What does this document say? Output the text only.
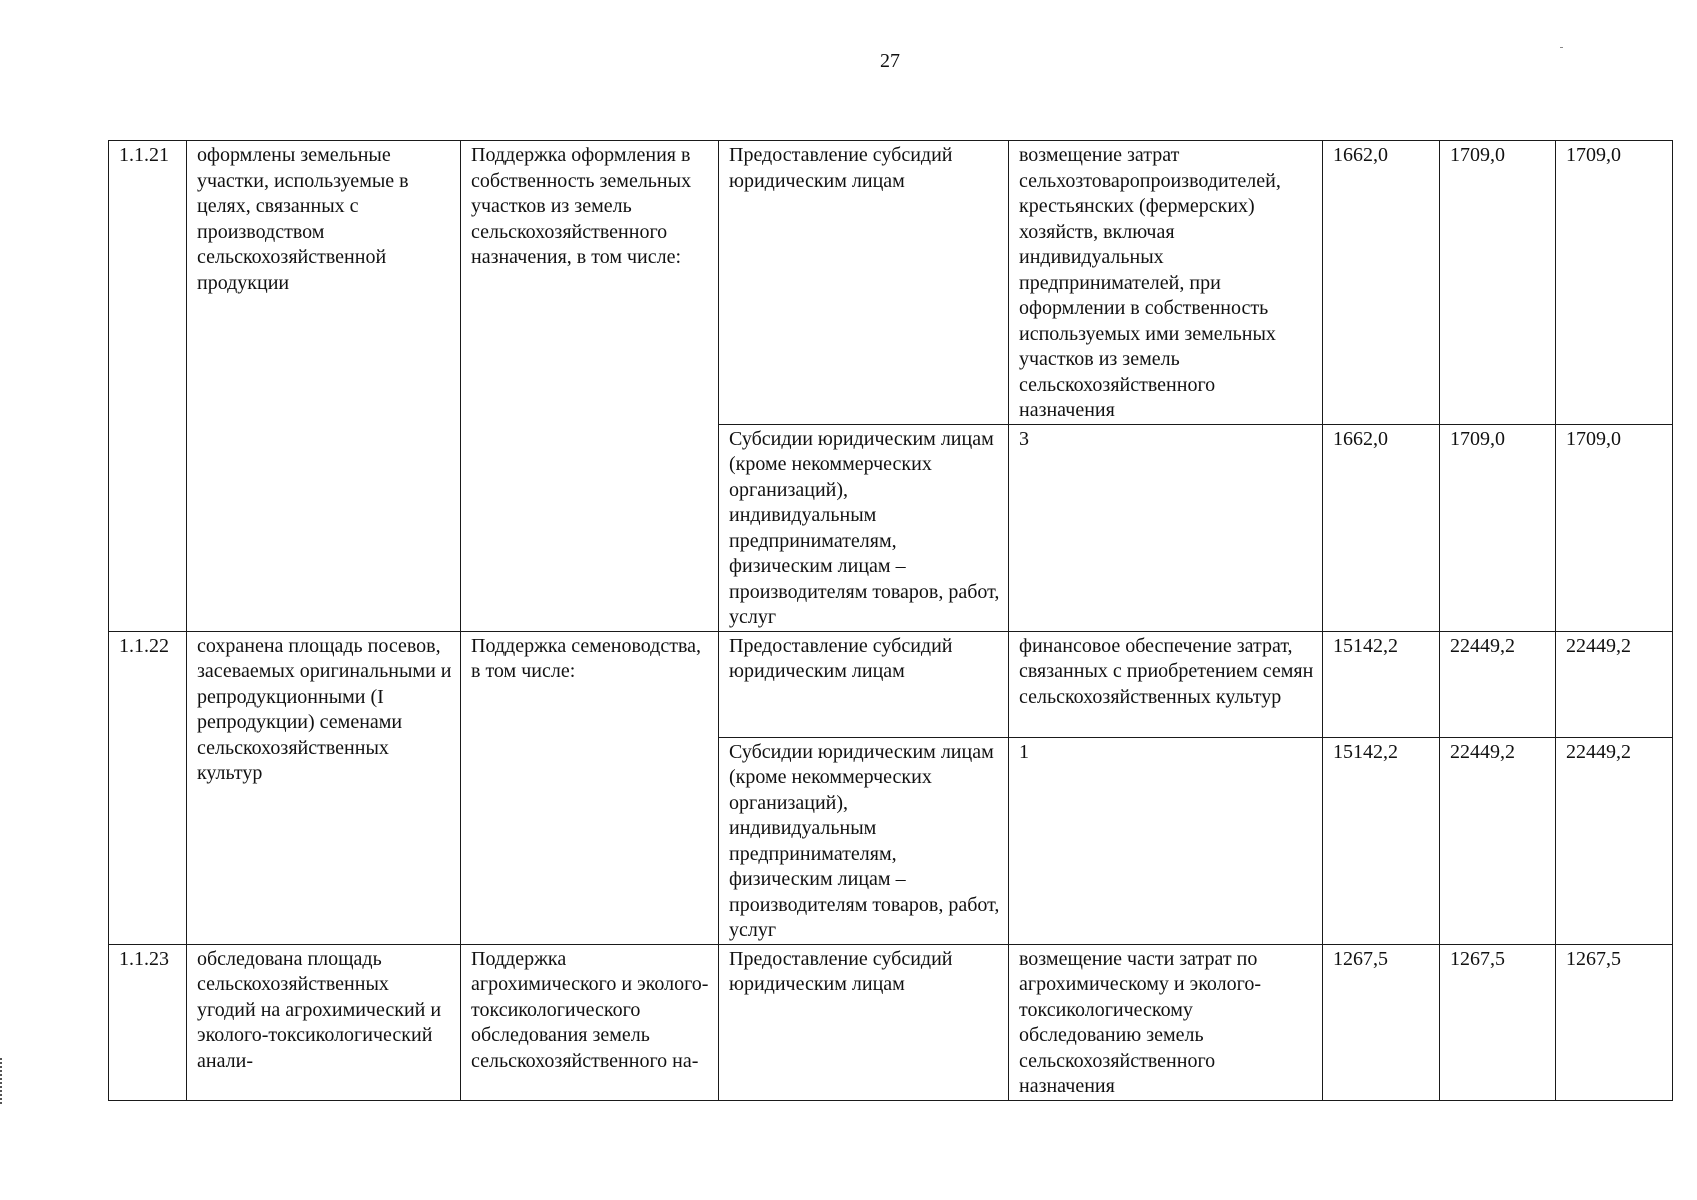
27
1.1.21	оформлены земельные участки, используемые в целях, связанных с производством сельскохозяйственной продукции	Поддержка оформления в собственность земельных участков из земель сельскохозяйственного назначения, в том числе:	Предоставление субсидий юридическим лицам	возмещение затрат сельхозтоваропроизводителей, крестьянских (фермерских) хозяйств, включая индивидуальных предпринимателей, при оформлении в собственность используемых ими земельных участков из земель сельскохозяйственного назначения	1662,0	1709,0	1709,0
			Субсидии юридическим лицам (кроме некоммерческих организаций), индивидуальным предпринимателям, физическим лицам – производителям товаров, работ, услуг	3	1662,0	1709,0	1709,0
1.1.22	сохранена площадь посевов, засеваемых оригинальными и репродукционными (I репродукции) семенами сельскохозяйственных культур	Поддержка семеноводства, в том числе:	Предоставление субсидий юридическим лицам	финансовое обеспечение затрат, связанных с приобретением семян сельскохозяйственных культур	15142,2	22449,2	22449,2
			Субсидии юридическим лицам (кроме некоммерческих организаций), индивидуальным предпринимателям, физическим лицам – производителям товаров, работ, услуг	1	15142,2	22449,2	22449,2
1.1.23	обследована площадь сельскохозяйственных угодий на агрохимический и эколого-токсикологический анали-	Поддержка агрохимического и эколого-токсикологического обследования земель сельскохозяйственного на-	Предоставление субсидий юридическим лицам	возмещение части затрат по агрохимическому и эколого-токсикологическому обследованию земель сельскохозяйственного назначения	1267,5	1267,5	1267,5
